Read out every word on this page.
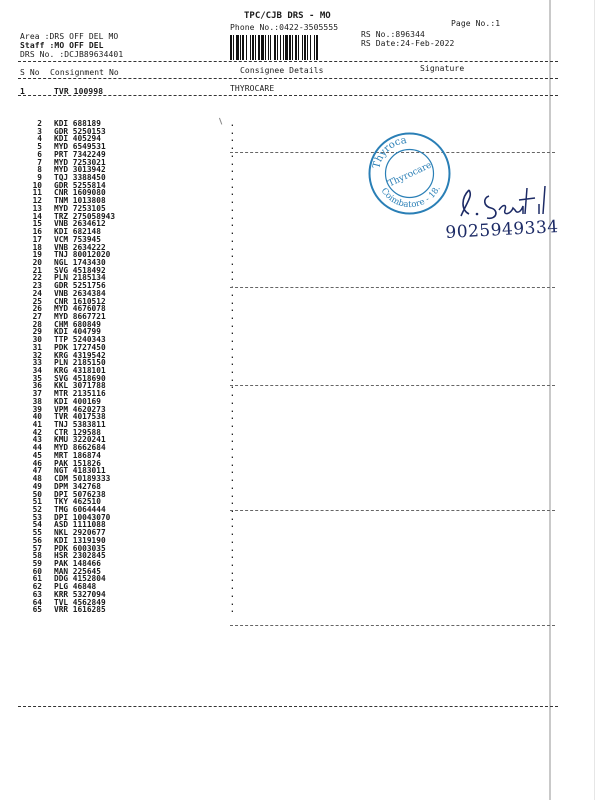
TPC/CJB DRS - MO
Phone No.:0422-3505555	Page No.:1
Area :DRS OFF DEL MO
Staff :MO OFF DEL
DRS No. :DCJB89634401
RS No.:896344
RS Date:24-Feb-2022
S No Consignment No	Consignee Details	Signature
1	TVR 100998	THYROCARE
2 KDI 688189	.
3 GDR 5250153	.
4 KDI 405294	.
5 MYD 6549531	.
6 PRT 7342249	.
7 MYD 7253021	.
8 MYD 3013942	.
9 TQJ 3388450	.
10 GDR 5255814	.
11 CNR 1609080	.
12 TNM 1013808	.
13 MYD 7253105	.
14 TRZ 275058943	.
15 VNB 2634612	.
16 KDI 682148	.
17 VCM 753945	.
18 VNB 2634222	.
19 TNJ 80012020	.
20 NGL 1743430	.
21 SVG 4518492	.
22 PLN 2185134	.
23 GDR 5251756	.
24 VNB 2634384	.
25 CNR 1610512	.
26 MYD 4676078	.
27 MYD 8667721	.
28 CHM 680849	.
29 KDI 404799	.
30 TTP 5240343	.
31 PDK 1727450	.
32 KRG 4319542	.
33 PLN 2185150	.
34 KRG 4318101	.
35 SVG 4518690	.
36 KKL 3071788	.
37 MTR 2135116	.
38 KDI 400169	.
39 VPM 4620273	.
40 TVR 4017538	.
41 TNJ 5383811	.
42 CTR 129588	.
43 KMU 3220241	.
44 MYD 8662684	.
45 MRT 186874	.
46 PAK 151826	.
47 NGT 4183011	.
48 CDM 50189333	.
49 DPM 342768	.
50 DPI 5076238	.
51 TKY 462510	.
52 TMG 6064444	.
53 DPI 10043070	.
54 ASD 1111088	.
55 NKL 2920677	.
56 KDI 1319190	.
57 PDK 6003035	.
58 HSR 2302845	.
59 PAK 148466	.
60 MAN 225645	.
61 DDG 4152804	.
62 PLG 46848	.
63 KRR 5327094	.
64 TVL 4562849	.
65 VRR 1616285	.
Thyroca
Coimbatore - 18.
Thyrocare
9025949334
